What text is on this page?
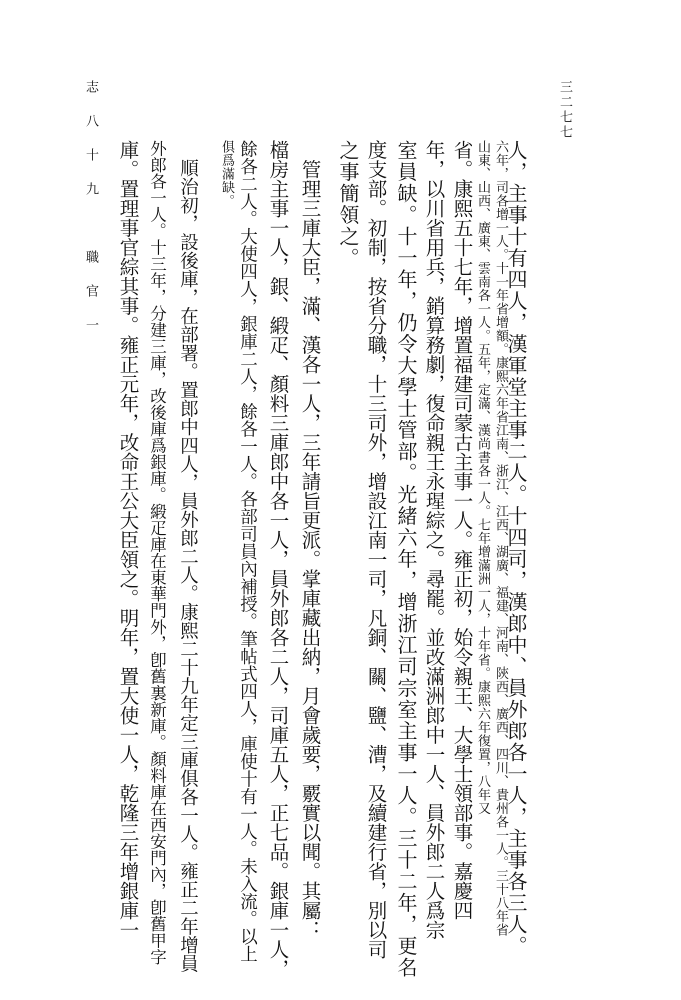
三二七七
人，主事十有四人，漢軍堂主事二人。十四司，漢郎中、員外郎各一人，主事各三人。
六年，司各增一人。十一年省增額。康熙六年省江南、浙江、江西、湖廣、福建、河南、陝西、廣西、四川、貴州各一人。三十八年省
山東、山西、廣東、雲南各一人。五年，定滿、漢尚書各一人。七年增滿洲一人，十年省。康熙六年復置，八年又
省。康熙五十七年，增置福建司蒙古主事一人。雍正初，始令親王、大學士領部事。嘉慶四
年，以川省用兵，銷算務劇，復命親王永瑆綜之。尋罷。並改滿洲郎中一人、員外郎二人爲宗
室員缺。十一年，仍令大學士管部。光緒六年，增浙江司宗室主事一人。三十二年，更名
度支部。初制，按省分職，十三司外，增設江南一司，凡銅、關、鹽、漕，及續建行省，別以司
之事簡領之。
　管理三庫大臣，滿、漢各一人，三年請旨更派。掌庫藏出納，月會歲要，覈實以聞。其屬：
檔房主事一人，銀、緞疋、顏料三庫郎中各一人，員外郎各二人，司庫五人，正七品。銀庫一人，
餘各二人。大使四人，銀庫二人，餘各一人。各部司員內補授。筆帖式四人，庫使十有一人。未入流。以上
俱爲滿缺。
　順治初，設後庫，在部署。置郎中四人，員外郎二人。康熙二十九年定三庫俱各一人。雍正二年增員
外郎各一人。十三年，分建三庫，改後庫爲銀庫。緞疋庫在東華門外，卽舊裏新庫。顏料庫在西安門內，卽舊甲字
庫。置理事官綜其事。雍正元年，改命王公大臣領之。明年，置大使一人，乾隆三年增銀庫一
志 八 十 九 　 職 官 一
